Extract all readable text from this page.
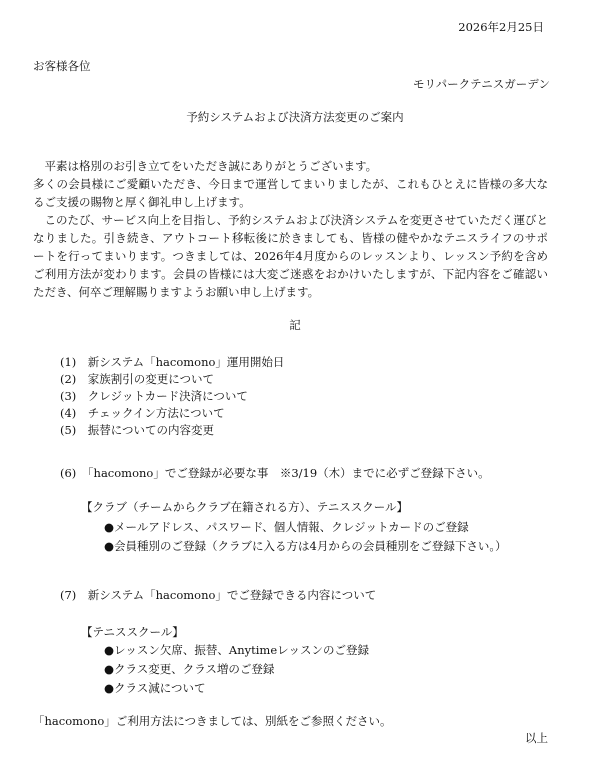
2026年2月25日
お客様各位
モリパークテニスガーデン
予約システムおよび決済方法変更のご案内

平素は格別のお引き立てをいただき誠にありがとうございます。

多くの会員様にご愛顧いただき、今日まで運営してまいりましたが、これもひとえに皆様の多大なるご支援の賜物と厚く御礼申し上げます。

このたび、サービス向上を目指し、予約システムおよび決済システムを変更させていただく運びとなりました。引き続き、アウトコート移転後に於きましても、皆様の健やかなテニスライフのサポートを行ってまいります。つきましては、2026年4月度からのレッスンより、レッスン予約を含めご利用方法が変わります。会員の皆様には大変ご迷惑をおかけいたしますが、下記内容をご確認いただき、何卒ご理解賜りますようお願い申し上げます。

記
(1)　新システム「hacomono」運用開始日
(2)　家族割引の変更について
(3)　クレジットカード決済について
(4)　チェックイン方法について
(5)　振替についての内容変更
(6)　「hacomono」でご登録が必要な事　※3/19（木）までに必ずご登録下さい。
【クラブ（チームからクラブ在籍される方）、テニススクール】
●メールアドレス、パスワード、個人情報、クレジットカードのご登録
●会員種別のご登録（クラブに入る方は4月からの会員種別をご登録下さい。）
(7)　新システム「hacomono」でご登録できる内容について
【テニススクール】
●レッスン欠席、振替、Anytimeレッスンのご登録
●クラス変更、クラス増のご登録
●クラス減について
「hacomono」ご利用方法につきましては、別紙をご参照ください。
以上
